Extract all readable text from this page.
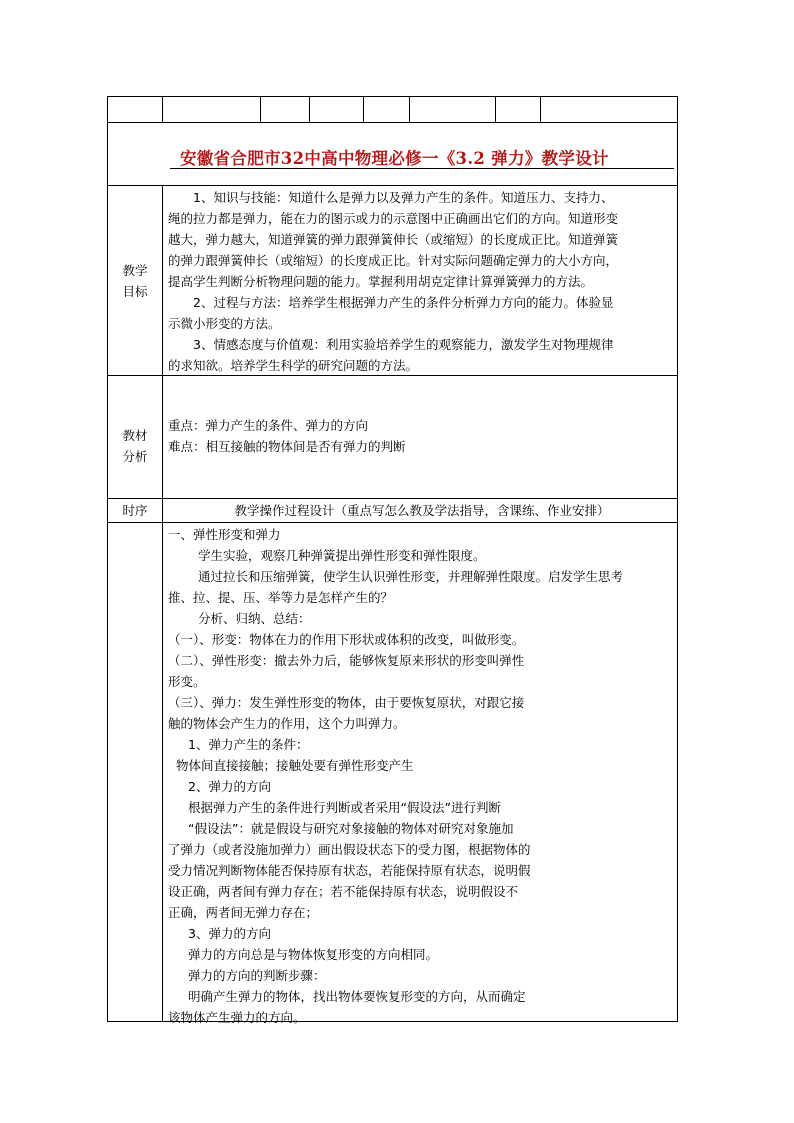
安徽省合肥市32中高中物理必修一《3.2 弹力》教学设计
教学
目标

1、知识与技能：知道什么是弹力以及弹力产生的条件。知道压力、支持力、

绳的拉力都是弹力，能在力的图示或力的示意图中正确画出它们的方向。知道形变

越大，弹力越大，知道弹簧的弹力跟弹簧伸长（或缩短）的长度成正比。知道弹簧

的弹力跟弹簧伸长（或缩短）的长度成正比。针对实际问题确定弹力的大小方向，

提高学生判断分析物理问题的能力。掌握利用胡克定律计算弹簧弹力的方法。

2、过程与方法：培养学生根据弹力产生的条件分析弹力方向的能力。体验显

示微小形变的方法。

3、情感态度与价值观：利用实验培养学生的观察能力，激发学生对物理规律

的求知欲。培养学生科学的研究问题的方法。

教材
分析

重点：弹力产生的条件、弹力的方向

难点：相互接触的物体间是否有弹力的判断

时序	教学操作过程设计（重点写怎么教及学法指导，含课练、作业安排）

一、弹性形变和弹力

学生实验，观察几种弹簧提出弹性形变和弹性限度。

通过拉长和压缩弹簧，使学生认识弹性形变，并理解弹性限度。启发学生思考

推、拉、提、压、举等力是怎样产生的？

分析、归纳、总结：

（一）、形变：物体在力的作用下形状或体积的改变，叫做形变。

（二）、弹性形变：撤去外力后，能够恢复原来形状的形变叫弹性

形变。

（三）、弹力：发生弹性形变的物体，由于要恢复原状，对跟它接

触的物体会产生力的作用，这个力叫弹力。

1、弹力产生的条件：

物体间直接接触；接触处要有弹性形变产生

2、弹力的方向

根据弹力产生的条件进行判断或者采用“假设法”进行判断

“假设法”：就是假设与研究对象接触的物体对研究对象施加

了弹力（或者没施加弹力）画出假设状态下的受力图，根据物体的

受力情况判断物体能否保持原有状态，若能保持原有状态，说明假

设正确，两者间有弹力存在；若不能保持原有状态，说明假设不

正确，两者间无弹力存在；

3、弹力的方向

弹力的方向总是与物体恢复形变的方向相同。

弹力的方向的判断步骤：

明确产生弹力的物体，找出物体要恢复形变的方向，从而确定

该物体产生弹力的方向。
